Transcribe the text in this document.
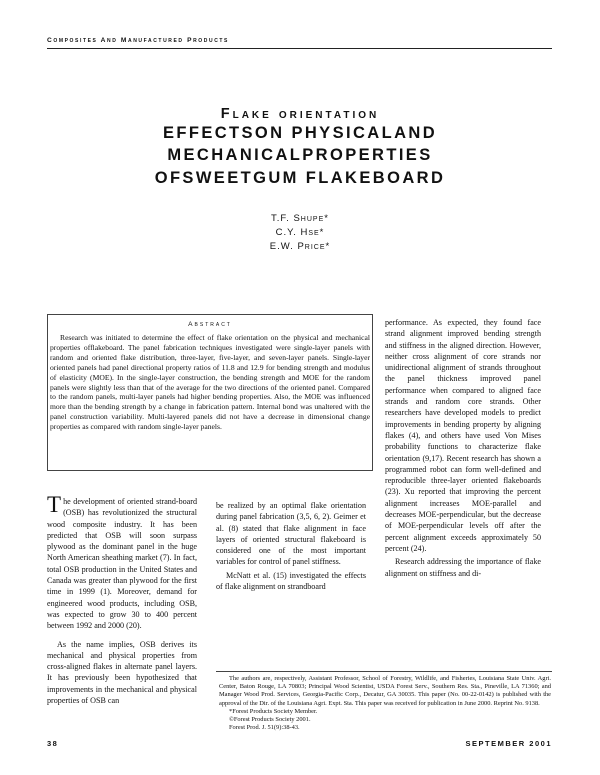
Composites And Manufactured Products
Flake orientation
EFFECTSON PHYSICALAND
MECHANICALPROPERTIES
OFSWEETGUM FLAKEBOARD
T.F. Shupe*
C.Y. Hse*
E.W. Price*
Abstract
Research was initiated to determine the effect of flake orientation on the physical and mechanical properties offlakeboard. The panel fabrication techniques investigated were single-layer panels with random and oriented flake distribution, three-layer, five-layer, and seven-layer panels. Single-layer oriented panels had panel directional property ratios of 11.8 and 12.9 for bending strength and modulus of elasticity (MOE). In the single-layer construction, the bending strength and MOE for the random panels were slightly less than that of the average for the two directions of the oriented panel. Compared to the random panels, multi-layer panels had higher bending properties. Also, the MOE was influenced more than the bending strength by a change in fabrication pattern. Internal bond was unaltered with the panel construction variability. Multi-layered panels did not have a decrease in dimensional change properties as compared with random single-layer panels.
The development of oriented strand-board (OSB) has revolutionized the structural wood composite industry. It has been predicted that OSB will soon surpass plywood as the dominant panel in the huge North American sheathing market (7). In fact, total OSB production in the United States and Canada was greater than plywood for the first time in 1999 (1). Moreover, demand for engineered wood products, including OSB, was expected to grow 30 to 400 percent between 1992 and 2000 (20).
As the name implies, OSB derives its mechanical and physical properties from cross-aligned flakes in alternate panel layers. It has previously been hypothesized that improvements in the mechanical and physical properties of OSB can
be realized by an optimal flake orientation during panel fabrication (3,5, 6, 2). Geimer et al. (8) stated that flake alignment in face layers of oriented structural flakeboard is considered one of the most important variables for control of panel stiffness.
McNatt et al. (15) investigated the effects of flake alignment on strandboard
performance. As expected, they found face strand alignment improved bending strength and stiffness in the aligned direction. However, neither cross alignment of core strands nor unidirectional alignment of strands throughout the panel thickness improved panel performance when compared to aligned face strands and random core strands. Other researchers have developed models to predict improvements in bending property by aligning flakes (4), and others have used Von Mises probability functions to characterize flake orientation (9,17). Recent research has shown a programmed robot can form well-defined and reproducible three-layer oriented flakeboards (23). Xu reported that improving the percent alignment increases MOE-parallel and decreases MOE-perpendicular, but the decrease of MOE-perpendicular levels off after the percent alignment exceeds approximately 50 percent (24).
Research addressing the importance of flake alignment on stiffness and di-
The authors are, respectively, Assistant Professor, School of Forestry, Wildlife, and Fisheries, Louisiana State Univ. Agri. Center, Baton Rouge, LA 70803; Principal Wood Scientist, USDA Forest Serv., Southern Res. Sta., Pineville, LA 71360; and Manager Wood Prod. Services, Georgia-Pacific Corp., Decatur, GA 30035. This paper (No. 00-22-0142) is published with the approval of the Dir. of the Louisiana Agri. Expt. Sta. This paper was received for publication in June 2000. Reprint No. 9138.
*Forest Products Society Member.
©Forest Products Society 2001.
Forest Prod. J. 51(9):38-43.
38	SEPTEMBER 2001
